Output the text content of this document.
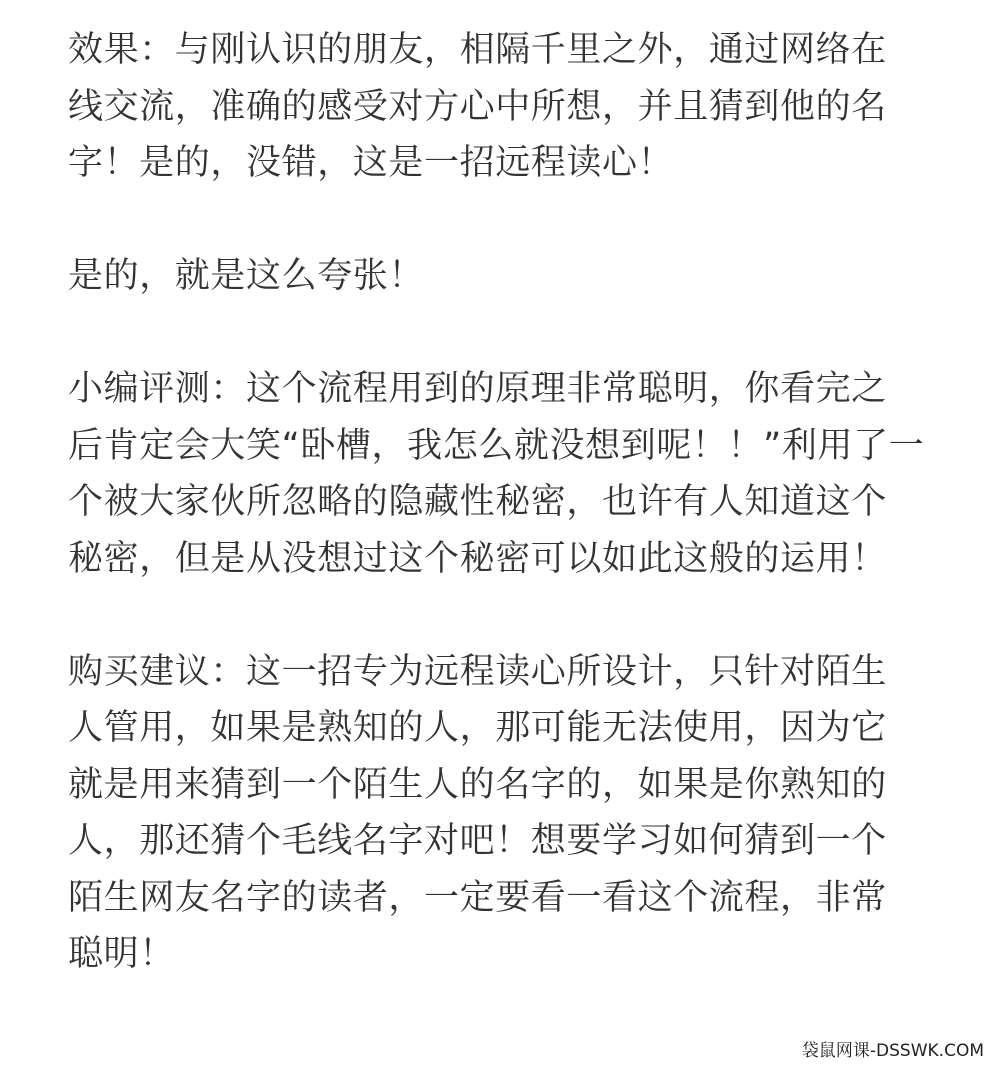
效果：与刚认识的朋友，相隔千里之外，通过网络在
线交流，准确的感受对方心中所想，并且猜到他的名
字！是的，没错，这是一招远程读心！

是的，就是这么夸张！

小编评测：这个流程用到的原理非常聪明，你看完之
后肯定会大笑“卧槽，我怎么就没想到呢！！”利用了一
个被大家伙所忽略的隐藏性秘密，也许有人知道这个
秘密，但是从没想过这个秘密可以如此这般的运用！

购买建议：这一招专为远程读心所设计，只针对陌生
人管用，如果是熟知的人，那可能无法使用，因为它
就是用来猜到一个陌生人的名字的，如果是你熟知的
人，那还猜个毛线名字对吧！想要学习如何猜到一个
陌生网友名字的读者，一定要看一看这个流程，非常
聪明！

袋鼠网课-DSSWK.COM
